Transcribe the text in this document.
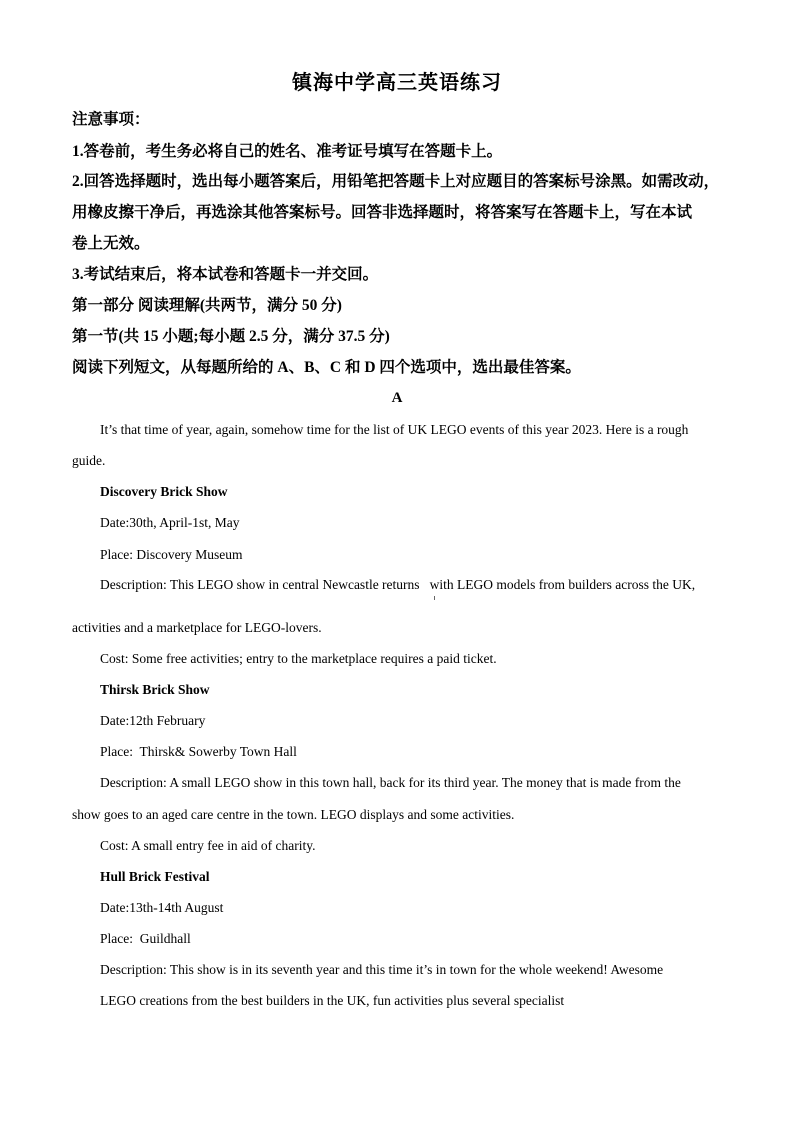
镇海中学高三英语练习
注意事项：
1.答卷前，考生务必将自己的姓名、准考证号填写在答题卡上。
2.回答选择题时，选出每小题答案后，用铅笔把答题卡上对应题目的答案标号涂黑。如需改动，
用橡皮擦干净后，再选涂其他答案标号。回答非选择题时，将答案写在答题卡上，写在本试
卷上无效。
3.考试结束后，将本试卷和答题卡一并交回。
第一部分 阅读理解(共两节，满分 50 分)
第一节(共 15 小题;每小题 2.5 分，满分 37.5 分)
阅读下列短文，从每题所给的 A、B、C 和 D 四个选项中，选出最佳答案。
A
It’s that time of year, again, somehow time for the list of UK LEGO events of this year 2023. Here is a rough
guide.
Discovery Brick Show
Date:30th, April-1st, May
Place: Discovery Museum
Description: This LEGO show in central Newcastle returns   with LEGO models from builders across the UK,
activities and a marketplace for LEGO-lovers.
Cost: Some free activities; entry to the marketplace requires a paid ticket.
Thirsk Brick Show
Date:12th February
Place:  Thirsk& Sowerby Town Hall
Description: A small LEGO show in this town hall, back for its third year. The money that is made from the
show goes to an aged care centre in the town. LEGO displays and some activities.
Cost: A small entry fee in aid of charity.
Hull Brick Festival
Date:13th-14th August
Place:  Guildhall
Description: This show is in its seventh year and this time it’s in town for the whole weekend! Awesome
LEGO creations from the best builders in the UK, fun activities plus several specialist
